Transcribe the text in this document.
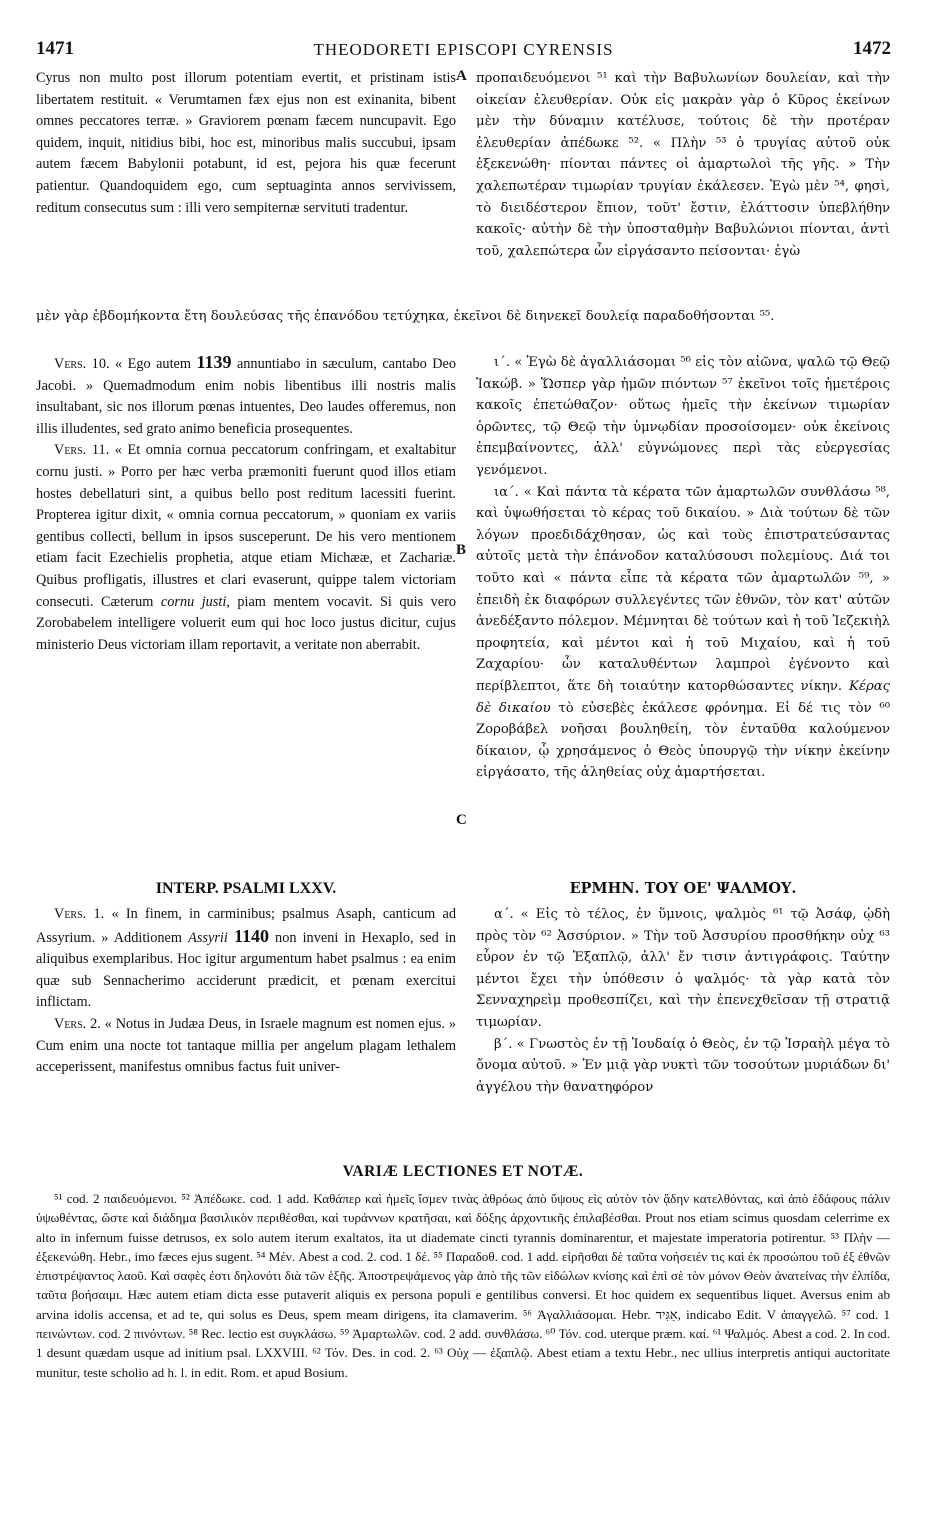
1471	THEODORETI EPISCOPI CYRENSIS	1472

Cyrus non multo post illorum potentiam evertit, et pristinam istis libertatem restituit. « Verumtamen fæx ejus non est exinanita, bibent omnes peccatores terræ. » Graviorem pœnam fæcem nuncupavit. Ego quidem, inquit, nitidius bibi, hoc est, minoribus malis succubui, ipsam autem fæcem Babylonii potabunt, id est, pejora his quæ fecerunt patientur. Quandoquidem ego, cum septuaginta annos servivissem, reditum consecutus sum : illi vero sempiternæ servituti tradentur.

A προπαιδευόμενοι ⁵¹ καὶ τὴν Βαβυλωνίων δουλείαν, καὶ τὴν οἰκείαν ἐλευθερίαν. Οὐκ εἰς μακρὰν γὰρ ὁ Κῦρος ἐκείνων μὲν τὴν δύναμιν κατέλυσε, τούτοις δὲ τὴν προτέραν ἐλευθερίαν ἀπέδωκε ⁵². « Πλὴν ⁵³ ὁ τρυγίας αὐτοῦ οὐκ ἐξεκενώθη· πίονται πάντες οἱ ἁμαρτωλοὶ τῆς γῆς. » Τὴν χαλεπωτέραν τιμωρίαν τρυγίαν ἐκάλεσεν. Ἐγὼ μὲν ⁵⁴, φησὶ, τὸ διειδέστερον ἔπιον, τοῦτ' ἔστιν, ἐλάττοσιν ὑπεβλήθην κακοῖς· αὐτὴν δὲ τὴν ὑποσταθμὴν Βαβυλώνιοι πίονται, ἀντὶ τοῦ, χαλεπώτερα ὧν εἰργάσαντο πείσονται· ἐγὼ

μὲν γὰρ ἑβδομήκοντα ἔτη δουλεύσας τῆς ἐπανόδου τετύχηκα, ἐκεῖνοι δὲ διηνεκεῖ δουλείᾳ παραδοθήσονται ⁵⁵.

Vers. 10. « Ego autem 1139 annuntiabo in sæculum, cantabo Deo Jacobi. » Quemadmodum enim nobis libentibus illi nostris malis insultabant, sic nos illorum pœnas intuentes, Deo laudes offeremus, non illis illudentes, sed grato animo beneficia prosequentes.

Vers. 11. « Et omnia cornua peccatorum confringam, et exaltabitur cornu justi. » Porro per hæc verba præmoniti fuerunt quod illos etiam hostes debellaturi sint, a quibus bello post reditum lacessiti fuerint. Propterea igitur dixit, « omnia cornua peccatorum, » quoniam ex variis gentibus collecti, bellum in ipsos susceperunt. De his vero mentionem etiam facit Ezechielis prophetia, atque etiam Michææ, et Zachariæ. Quibus profligatis, illustres et clari evaserunt, quippe talem victoriam consecuti. Cæterum cornu justi, piam mentem vocavit. Si quis vero Zorobabelem intelligere voluerit eum qui hoc loco justus dicitur, cujus ministerio Deus victoriam illam reportavit, a veritate non aberrabit.

B

ι΄. « Ἐγὼ δὲ ἀγαλλιάσομαι ⁵⁶ εἰς τὸν αἰῶνα, ψαλῶ τῷ Θεῷ Ἰακώβ. » Ὥσπερ γὰρ ἡμῶν πιόντων ⁵⁷ ἐκεῖνοι τοῖς ἡμετέροις κακοῖς ἐπετώθαζον· οὕτως ἡμεῖς τὴν ἐκείνων τιμωρίαν ὁρῶντες, τῷ Θεῷ τὴν ὑμνῳδίαν προσοίσομεν· οὐκ ἐκείνοις ἐπεμβαίνοντες, ἀλλ' εὐγνώμονες περὶ τὰς εὐεργεσίας γενόμενοι.

ια΄. « Καὶ πάντα τὰ κέρατα τῶν ἁμαρτωλῶν συνθλάσω ⁵⁸, καὶ ὑψωθήσεται τὸ κέρας τοῦ δικαίου. » Διὰ τούτων δὲ τῶν λόγων προεδιδάχθησαν, ὡς καὶ τοὺς ἐπιστρατεύσαντας αὐτοῖς μετὰ τὴν ἐπάνοδον καταλύσουσι πολεμίους. Διά τοι τοῦτο καὶ « πάντα εἶπε τὰ κέρατα τῶν ἁμαρτωλῶν ⁵⁹, » ἐπειδὴ ἐκ διαφόρων συλλεγέντες τῶν ἐθνῶν, τὸν κατ' αὐτῶν ἀνεδέξαντο πόλεμον. Μέμνηται δὲ τούτων καὶ ἡ τοῦ Ἰεζεκιὴλ προφητεία, καὶ μέντοι καὶ ἡ τοῦ Μιχαίου, καὶ ἡ τοῦ Ζαχαρίου· ὧν καταλυθέντων λαμπροὶ ἐγένοντο καὶ περίβλεπτοι, ἅτε δὴ τοιαύτην κατορθώσαντες νίκην. Κέρας δὲ δικαίου τὸ εὐσεβὲς ἐκάλεσε φρόνημα. Εἰ δέ τις τὸν ⁶⁰ Ζοροβάβελ νοῆσαι βουληθείη, τὸν ἐνταῦθα καλούμενον δίκαιον, ᾧ χρησάμενος ὁ Θεὸς ὑπουργῷ τὴν νίκην ἐκείνην εἰργάσατο, τῆς ἀληθείας οὐχ ἁμαρτήσεται.

C
INTERP. PSALMI LXXV.	ΕΡΜΗΝ. ΤΟΥ ΟΕ' ΨΑΛΜΟΥ.

Vers. 1. « In finem, in carminibus; psalmus Asaph, canticum ad Assyrium. » Additionem Assyrii 1140 non inveni in Hexaplo, sed in aliquibus exemplaribus. Hoc igitur argumentum habet psalmus : ea enim quæ sub Sennacherimo acciderunt prædicit, et pœnam exercitui inflictam.

Vers. 2. « Notus in Judæa Deus, in Israele magnum est nomen ejus. » Cum enim una nocte tot tantaque millia per angelum plagam lethalem acceperissent, manifestus omnibus factus fuit univer-

α΄. « Εἰς τὸ τέλος, ἐν ὕμνοις, ψαλμὸς ⁶¹ τῷ Ἀσάφ, ᾠδὴ πρὸς τὸν ⁶² Ἀσσύριον. » Τὴν τοῦ Ἀσσυρίου προσθήκην οὐχ ⁶³ εὗρον ἐν τῷ Ἑξαπλῷ, ἀλλ' ἔν τισιν ἀντιγράφοις. Ταύτην μέντοι ἔχει τὴν ὑπόθεσιν ὁ ψαλμός· τὰ γὰρ κατὰ τὸν Σενναχηρεὶμ προθεσπίζει, καὶ τὴν ἐπενεχθεῖσαν τῇ στρατιᾷ τιμωρίαν.

β΄. « Γνωστὸς ἐν τῇ Ἰουδαίᾳ ὁ Θεὸς, ἐν τῷ Ἰσραὴλ μέγα τὸ ὄνομα αὐτοῦ. » Ἐν μιᾷ γὰρ νυκτὶ τῶν τοσούτων μυριάδων δι' ἀγγέλου τὴν θανατηφόρον

VARIÆ LECTIONES ET NOTÆ.

⁵¹ cod. 2 παιδευόμενοι. ⁵² Ἀπέδωκε. cod. 1 add. Καθάπερ καὶ ἡμεῖς ἴσμεν τινὰς ἀθρόως ἀπὸ ὕψους εἰς αὐτὸν τὸν ᾅδην κατελθόντας, καὶ ἀπὸ ἐδάφους πάλιν ὑψωθέντας, ὥστε καὶ διάδημα βασιλικὸν περιθέσθαι, καὶ τυράννων κρατῆσαι, καὶ δόξης ἀρχοντικῆς ἐπιλαβέσθαι. Prout nos etiam scimus quosdam celerrime ex alto in infernum fuisse detrusos, ex solo autem iterum exaltatos, ita ut diademate cincti tyrannis dominarentur, et majestate imperatoria potirentur. ⁵³ Πλὴν — ἐξεκενώθη. Hebr., imo fæces ejus sugent. ⁵⁴ Μέν. Abest a cod. 2. cod. 1 δέ. ⁵⁵ Παραδοθ. cod. 1 add. εἰρῆσθαι δὲ ταῦτα νοήσειέν τις καὶ ἐκ προσώπου τοῦ ἐξ ἐθνῶν ἐπιστρέψαντος λαοῦ. Καὶ σαφὲς ἐστι δηλονότι διὰ τῶν ἑξῆς. Ἀποστρεψάμενος γὰρ ἀπὸ τῆς τῶν εἰδώλων κνίσης καὶ ἐπὶ σὲ τὸν μόνον Θεὸν ἀνατείνας τὴν ἐλπίδα, ταῦτα βοήσαιμι. Hæc autem etiam dicta esse putaverit aliquis ex persona populi e gentilibus conversi. Et hoc quidem ex sequentibus liquet. Aversus enim ab arvina idolis accensa, et ad te, qui solus es Deus, spem meam dirigens, ita clamaverim. ⁵⁶ Ἀγαλλιάσομαι. Hebr. אַגִּיד, indicabo Edit. V ἀπαγγελῶ. ⁵⁷ cod. 1 πεινώντων. cod. 2 πινόντων. ⁵⁸ Rec. lectio est συγκλάσω. ⁵⁹ Ἁμαρτωλῶν. cod. 2 add. συνθλάσω. ⁶⁰ Τόν. cod. uterque præm. καί. ⁶¹ Ψαλμός. Abest a cod. 2. In cod. 1 desunt quædam usque ad initium psal. LXXVIII. ⁶² Τόν. Des. in cod. 2. ⁶³ Οὐχ — ἐξαπλῷ. Abest etiam a textu Hebr., nec ullius interpretis antiqui auctoritate munitur, teste scholio ad h. l. in edit. Rom. et apud Bosium.
